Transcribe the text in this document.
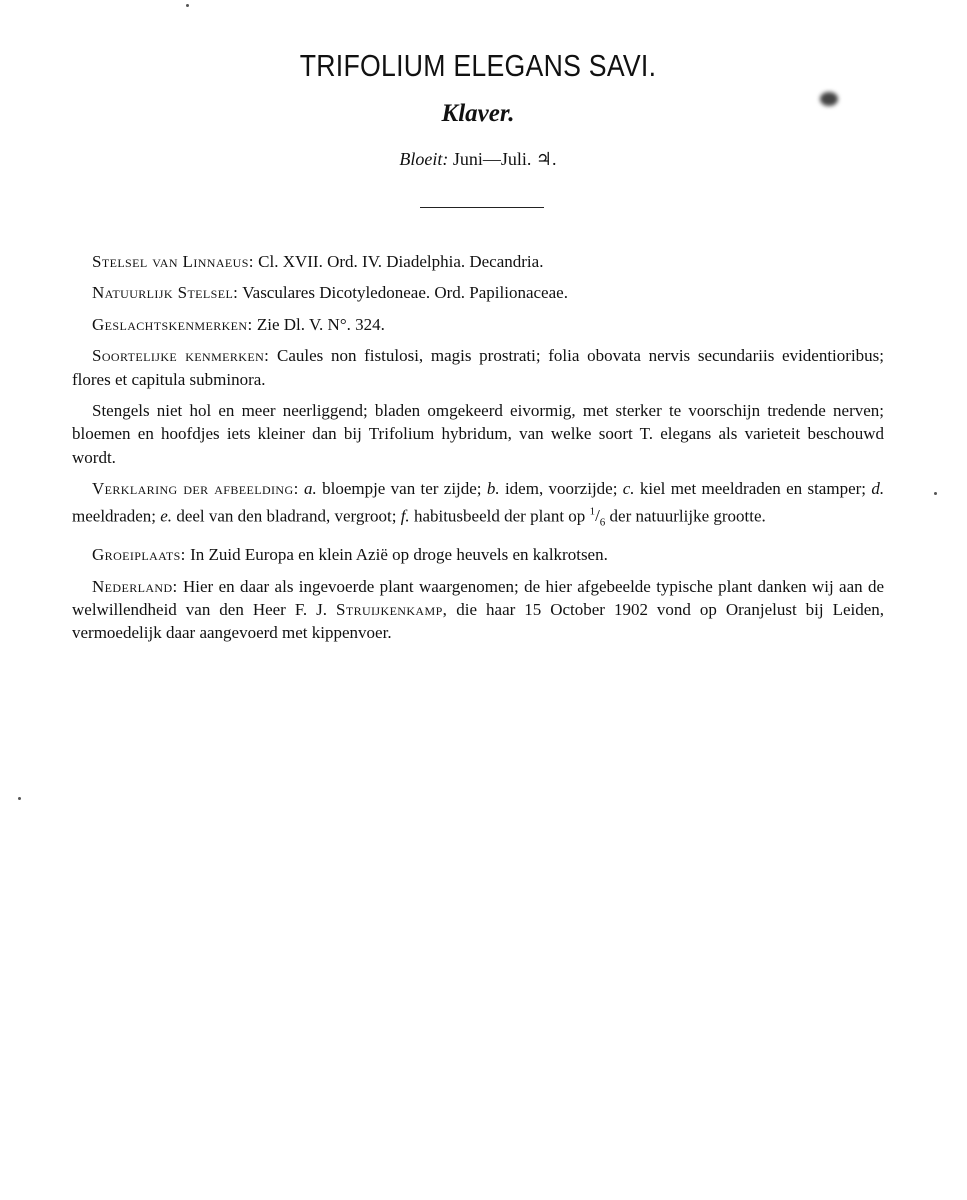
TRIFOLIUM ELEGANS SAVI.
Klaver.
Bloeit: Juni—Juli. ♃.

Stelsel van Linnaeus: Cl. XVII. Ord. IV. Diadelphia. Decandria.

Natuurlijk Stelsel: Vasculares Dicotyledoneae. Ord. Papilionaceae.

Geslachtskenmerken: Zie Dl. V. N°. 324.

Soortelijke kenmerken: Caules non fistulosi, magis prostrati; folia obovata nervis secundariis evidentioribus; flores et capitula subminora.

Stengels niet hol en meer neerliggend; bladen omgekeerd eivormig, met sterker te voorschijn tredende nerven; bloemen en hoofdjes iets kleiner dan bij Trifolium hybridum, van welke soort T. elegans als varieteit beschouwd wordt.

Verklaring der afbeelding: a. bloempje van ter zijde; b. idem, voorzijde; c. kiel met meeldraden en stamper; d. meeldraden; e. deel van den bladrand, vergroot; f. habitusbeeld der plant op $^1/_6$ der natuurlijke grootte.

Groeiplaats: In Zuid Europa en klein Azië op droge heuvels en kalkrotsen.

Nederland: Hier en daar als ingevoerde plant waargenomen; de hier afgebeelde typische plant danken wij aan de welwillendheid van den Heer F. J. Struijkenkamp, die haar 15 October 1902 vond op Oranjelust bij Leiden, vermoedelijk daar aangevoerd met kippenvoer.
